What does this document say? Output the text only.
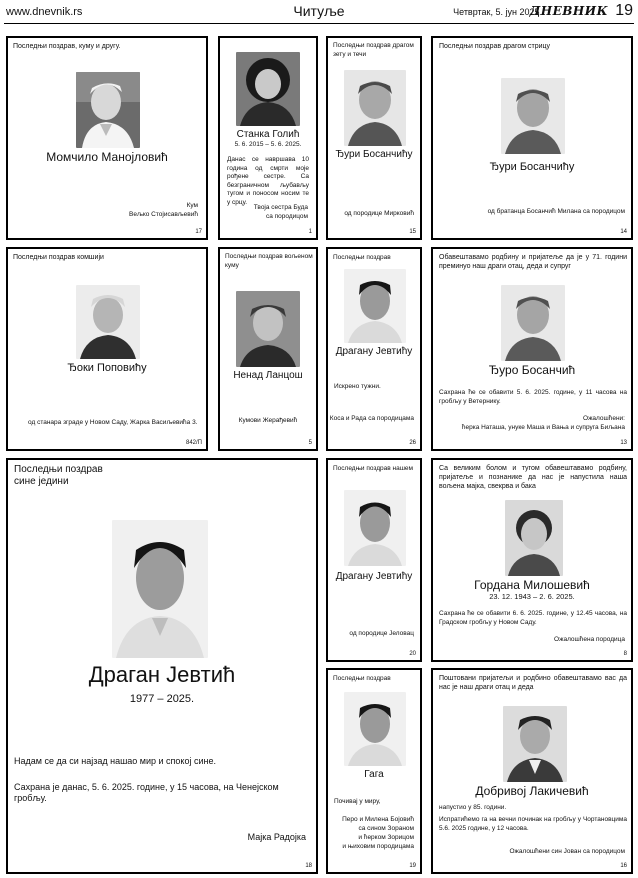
www.dnevnik.rs	Читуље	Четвртак, 5. јун 2025.
ДНЕВНИК 19
Последњи поздрав, куму и другу.
Момчило Манојловић
Кум
Вељко Стојисављевић
17
Станка Голић
5. 6. 2015 – 5. 6. 2025.
Данас се навршава 10 година од смрти моје рођене сестре. Са безграничном љубављу тугом и поносом носим те у срцу.
Твоја сестра Буда
са породицом
1
Последњи поздрав драгом зету и течи
Ђури Босанчићу
од породице Мирковић
15
Последњи поздрав драгом стрицу
Ђури Босанчићу
од братанца Босанчић Милана са породицом
14
Последњи поздрав комшији
Ђоки Поповићу
од станара зграде у Новом Саду, Жарка Васиљевића 3.
842/П
Последњи поздрав вољеном куму
Ненад Ланцош
Кумови Жерађевић
5
Последњи поздрав
Драгану Јевтићу
Искрено тужни.
Коса и Рада са породицама
26
Обавештавамо родбину и пријатеље да је у 71. години преминуо наш драги отац, деда и супруг
Ђуро Босанчић
Сахрана ће се обавити 5. 6. 2025. године, у 11 часова на гробљу у Ветернику.
Ожалошћени:
ћерка Наташа, унуке Маша и Вања и супруга Биљана
13
Последњи поздрав
сине једини
Драган Јевтић
1977 – 2025.
Надам се да си најзад нашао мир и спокој сине.
Сахрана је данас, 5. 6. 2025. године, у 15 часова, на Ченејском гробљу.
Мајка Радојка
18
Последњи поздрав нашем
Драгану Јевтићу
од породице Јеловац
20
Са великим болом и тугом обавештавамо родбину, пријатеље и познанике да нас је напустила наша вољена мајка, свекрва и бака
Гордана Милошевић
23. 12. 1943 – 2. 6. 2025.
Сахрана ће се обавити 6. 6. 2025. године, у 12.45 часова, на Градском гробљу у Новом Саду.
Ожалошћена породица
8
Последњи поздрав
Гага
Почивај у миру,
Перо и Милена Бојовић
са сином Зораном
и ћерком Зорицом
и њиховим породицама
19
Поштовани пријатељи и родбино обавештавамо вас да нас је наш драги отац и деда
Добривој Лакичевић
напустио у 85. години.
Испратићемо га на вечни починак на гробљу у Чортановцима 5.6. 2025 године, у 12 часова.
Ожалошћени син Јован са породицом
16
